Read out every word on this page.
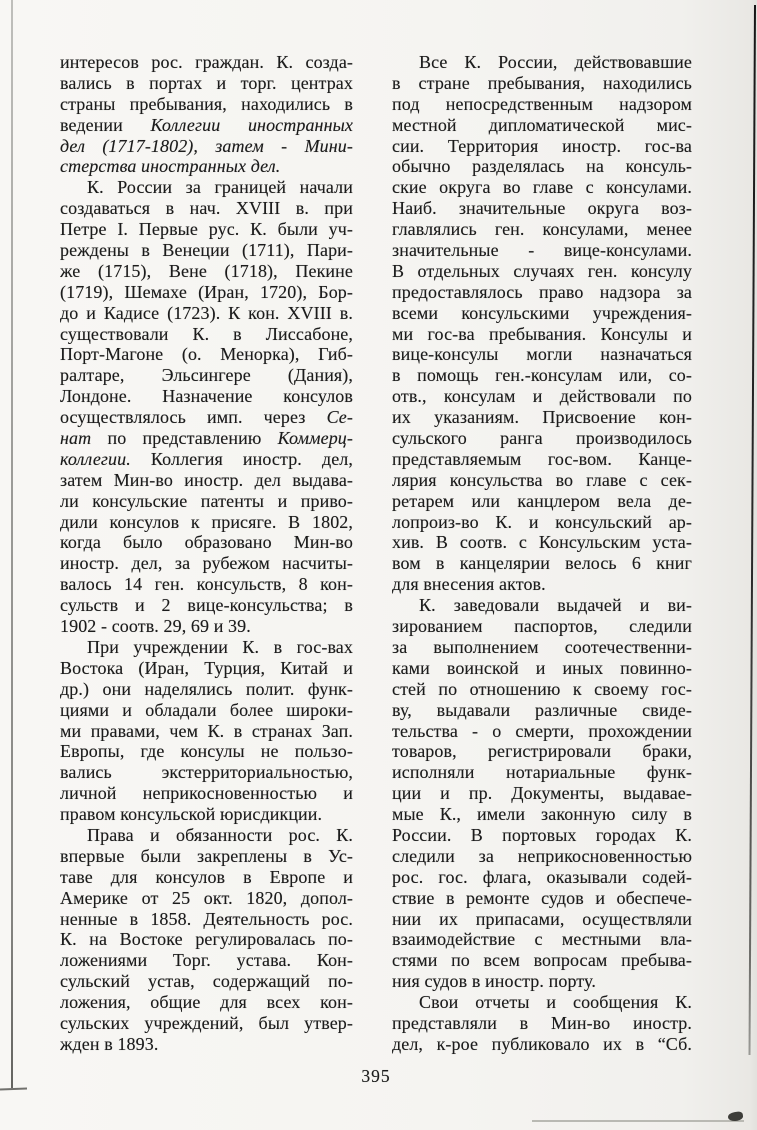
интересов рос. граждан. К. созда-
вались в портах и торг. центрах
страны пребывания, находились в
ведении Коллегии иностранных
дел (1717-1802), затем - Мини-
стерства иностранных дел.
К. России за границей начали
создаваться в нач. XVIII в. при
Петре I. Первые рус. К. были уч-
реждены в Венеции (1711), Пари-
же (1715), Вене (1718), Пекине
(1719), Шемахе (Иран, 1720), Бор-
до и Кадисе (1723). К кон. XVIII в.
существовали К. в Лиссабоне,
Порт-Магоне (о. Менорка), Гиб-
ралтаре, Эльсингере (Дания),
Лондоне. Назначение консулов
осуществлялось имп. через Се-
нат по представлению Коммерц-
коллегии. Коллегия иностр. дел,
затем Мин-во иностр. дел выдава-
ли консульские патенты и приво-
дили консулов к присяге. В 1802,
когда было образовано Мин-во
иностр. дел, за рубежом насчиты-
валось 14 ген. консульств, 8 кон-
сульств и 2 вице-консульства; в
1902 - соотв. 29, 69 и 39.
При учреждении К. в гос-вах
Востока (Иран, Турция, Китай и
др.) они наделялись полит. функ-
циями и обладали более широки-
ми правами, чем К. в странах Зап.
Европы, где консулы не пользо-
вались экстерриториальностью,
личной неприкосновенностью и
правом консульской юрисдикции.
Права и обязанности рос. К.
впервые были закреплены в Ус-
таве для консулов в Европе и
Америке от 25 окт. 1820, допол-
ненные в 1858. Деятельность рос.
К. на Востоке регулировалась по-
ложениями Торг. устава. Кон-
сульский устав, содержащий по-
ложения, общие для всех кон-
сульских учреждений, был утвер-
жден в 1893.
Все К. России, действовавшие
в стране пребывания, находились
под непосредственным надзором
местной дипломатической мис-
сии. Территория иностр. гос-ва
обычно разделялась на консуль-
ские округа во главе с консулами.
Наиб. значительные округа воз-
главлялись ген. консулами, менее
значительные - вице-консулами.
В отдельных случаях ген. консулу
предоставлялось право надзора за
всеми консульскими учреждения-
ми гос-ва пребывания. Консулы и
вице-консулы могли назначаться
в помощь ген.-консулам или, со-
отв., консулам и действовали по
их указаниям. Присвоение кон-
сульского ранга производилось
представляемым гос-вом. Канце-
лярия консульства во главе с сек-
ретарем или канцлером вела де-
лопроиз-во К. и консульский ар-
хив. В соотв. с Консульским уста-
вом в канцелярии велось 6 книг
для внесения актов.
К. заведовали выдачей и ви-
зированием паспортов, следили
за выполнением соотечественни-
ками воинской и иных повинно-
стей по отношению к своему гос-
ву, выдавали различные свиде-
тельства - о смерти, прохождении
товаров, регистрировали браки,
исполняли нотариальные функ-
ции и пр. Документы, выдавае-
мые К., имели законную силу в
России. В портовых городах К.
следили за неприкосновенностью
рос. гос. флага, оказывали содей-
ствие в ремонте судов и обеспече-
нии их припасами, осуществляли
взаимодействие с местными вла-
стями по всем вопросам пребыва-
ния судов в иностр. порту.
Свои отчеты и сообщения К.
представляли в Мин-во иностр.
дел, к-рое публиковало их в “Сб.
395
